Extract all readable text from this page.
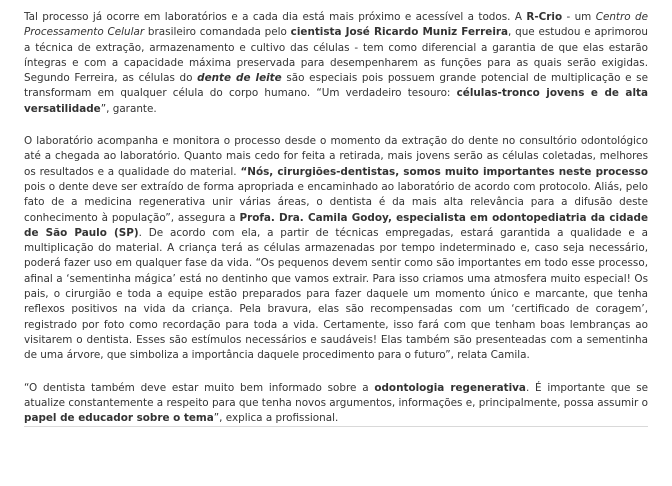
Tal processo já ocorre em laboratórios e a cada dia está mais próximo e acessível a todos. A R-Crio - um Centro de Processamento Celular brasileiro comandada pelo cientista José Ricardo Muniz Ferreira, que estudou e aprimorou a técnica de extração, armazenamento e cultivo das células - tem como diferencial a garantia de que elas estarão íntegras e com a capacidade máxima preservada para desempenharem as funções para as quais serão exigidas. Segundo Ferreira, as células do dente de leite são especiais pois possuem grande potencial de multiplicação e se transformam em qualquer célula do corpo humano. “Um verdadeiro tesouro: células-tronco jovens e de alta versatilidade”, garante.

O laboratório acompanha e monitora o processo desde o momento da extração do dente no consultório odontológico até a chegada ao laboratório. Quanto mais cedo for feita a retirada, mais jovens serão as células coletadas, melhores os resultados e a qualidade do material. “Nós, cirurgiões-dentistas, somos muito importantes neste processo pois o dente deve ser extraído de forma apropriada e encaminhado ao laboratório de acordo com protocolo. Aliás, pelo fato de a medicina regenerativa unir várias áreas, o dentista é da mais alta relevância para a difusão deste conhecimento à população”, assegura a Profa. Dra. Camila Godoy, especialista em odontopediatria da cidade de São Paulo (SP). De acordo com ela, a partir de técnicas empregadas, estará garantida a qualidade e a multiplicação do material. A criança terá as células armazenadas por tempo indeterminado e, caso seja necessário, poderá fazer uso em qualquer fase da vida. “Os pequenos devem sentir como são importantes em todo esse processo, afinal a ‘sementinha mágica’ está no dentinho que vamos extrair. Para isso criamos uma atmosfera muito especial! Os pais, o cirurgião e toda a equipe estão preparados para fazer daquele um momento único e marcante, que tenha reflexos positivos na vida da criança. Pela bravura, elas são recompensadas com um ‘certificado de coragem’, registrado por foto como recordação para toda a vida. Certamente, isso fará com que tenham boas lembranças ao visitarem o dentista. Esses são estímulos necessários e saudáveis! Elas também são presenteadas com a sementinha de uma árvore, que simboliza a importância daquele procedimento para o futuro”, relata Camila.

“O dentista também deve estar muito bem informado sobre a odontologia regenerativa. É importante que se atualize constantemente a respeito para que tenha novos argumentos, informações e, principalmente, possa assumir o papel de educador sobre o tema”, explica a profissional.
